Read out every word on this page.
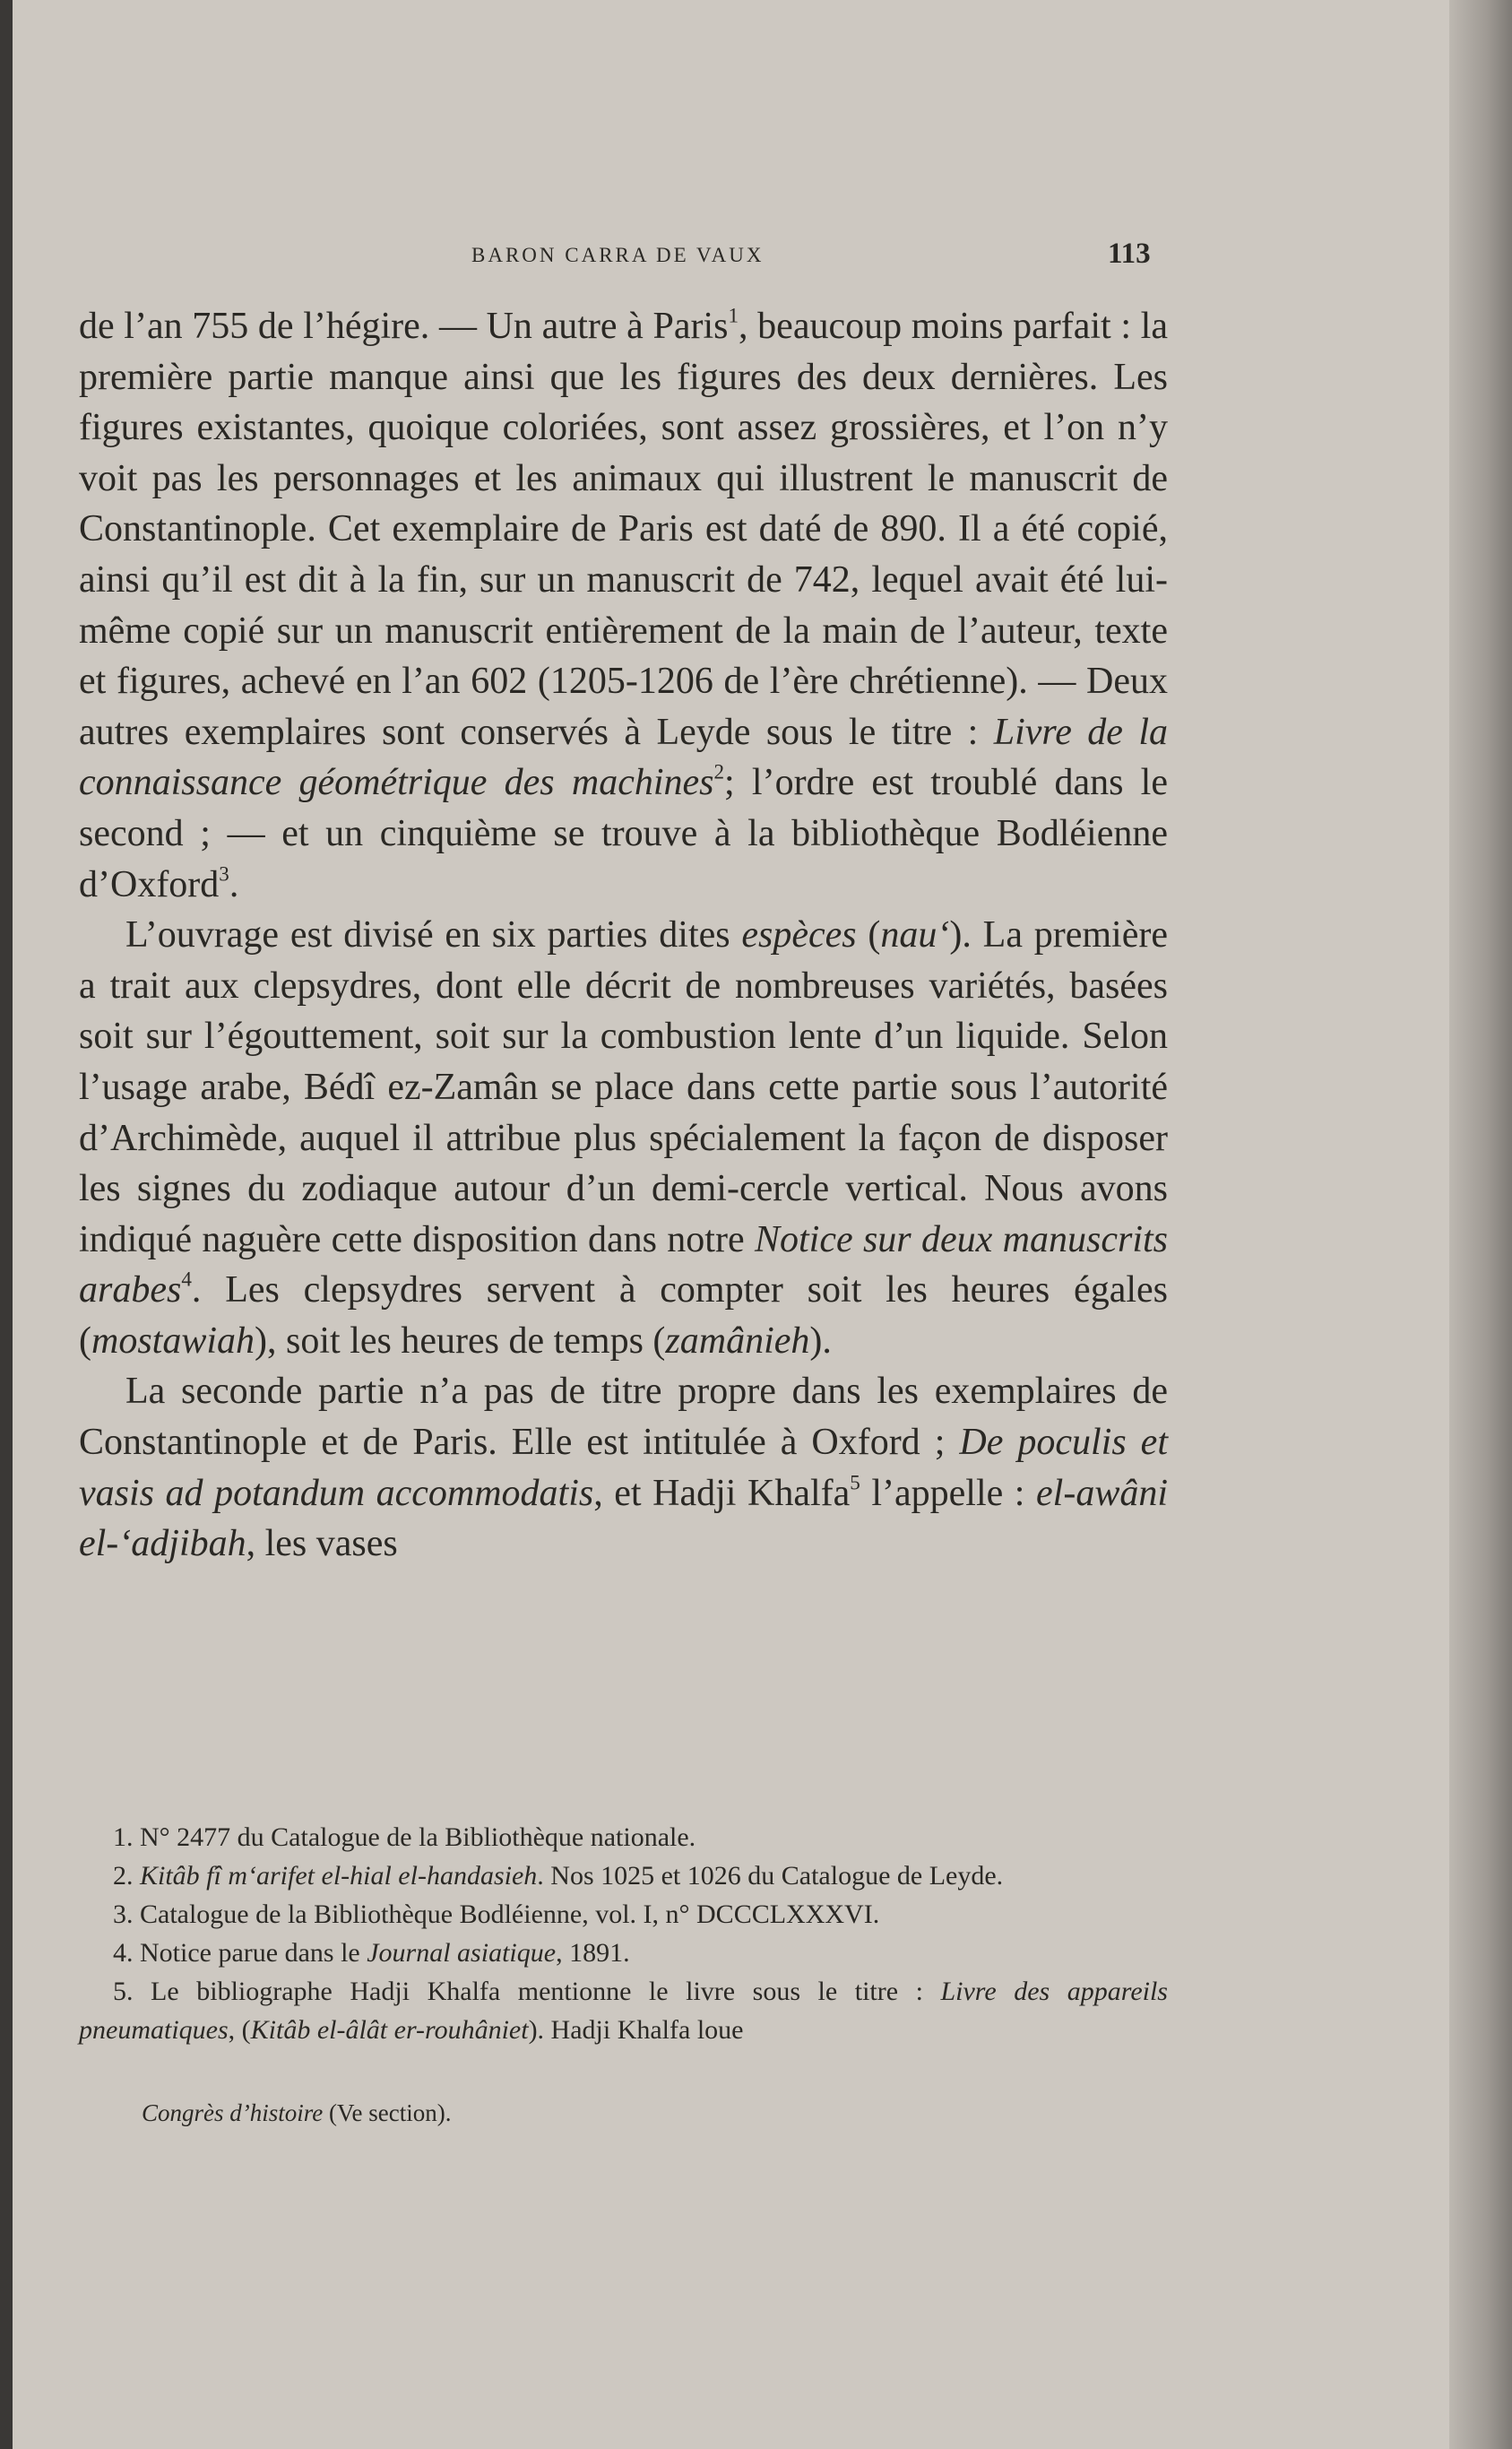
BARON CARRA DE VAUX	113

de l’an 755 de l’hégire. — Un autre à Paris$^1$, beaucoup moins parfait : la première partie manque ainsi que les figures des deux dernières. Les figures existantes, quoique coloriées, sont assez grossières, et l’on n’y voit pas les personnages et les animaux qui illustrent le manuscrit de Constantinople. Cet exemplaire de Paris est daté de 890. Il a été copié, ainsi qu’il est dit à la fin, sur un manuscrit de 742, lequel avait été lui-même copié sur un manuscrit entièrement de la main de l’auteur, texte et figures, achevé en l’an 602 (1205-1206 de l’ère chrétienne). — Deux autres exemplaires sont conservés à Leyde sous le titre : Livre de la connaissance géométrique des machines$^2$; l’ordre est troublé dans le second ; — et un cinquième se trouve à la bibliothèque Bodléienne d’Oxford$^3$.

L’ouvrage est divisé en six parties dites espèces (nau‘). La première a trait aux clepsydres, dont elle décrit de nombreuses variétés, basées soit sur l’égouttement, soit sur la combustion lente d’un liquide. Selon l’usage arabe, Bédî ez-Zamân se place dans cette partie sous l’autorité d’Archimède, auquel il attribue plus spécialement la façon de disposer les signes du zodiaque autour d’un demi-cercle vertical. Nous avons indiqué naguère cette disposition dans notre Notice sur deux manuscrits arabes$^4$. Les clepsydres servent à compter soit les heures égales (mostawiah), soit les heures de temps (zamânieh).

La seconde partie n’a pas de titre propre dans les exemplaires de Constantinople et de Paris. Elle est intitulée à Oxford ; De poculis et vasis ad potandum accommodatis, et Hadji Khalfa$^5$ l’appelle : el-awâni el-‘adjibah, les vases

1. N° 2477 du Catalogue de la Bibliothèque nationale.

2. Kitâb fî m‘arifet el-hial el-handasieh. Nos 1025 et 1026 du Catalogue de Leyde.

3. Catalogue de la Bibliothèque Bodléienne, vol. I, n° DCCCLXXXVI.

4. Notice parue dans le Journal asiatique, 1891.

5. Le bibliographe Hadji Khalfa mentionne le livre sous le titre : Livre des appareils pneumatiques, (Kitâb el-âlât er-rouhâniet). Hadji Khalfa loue

Congrès d’histoire (Ve section).
